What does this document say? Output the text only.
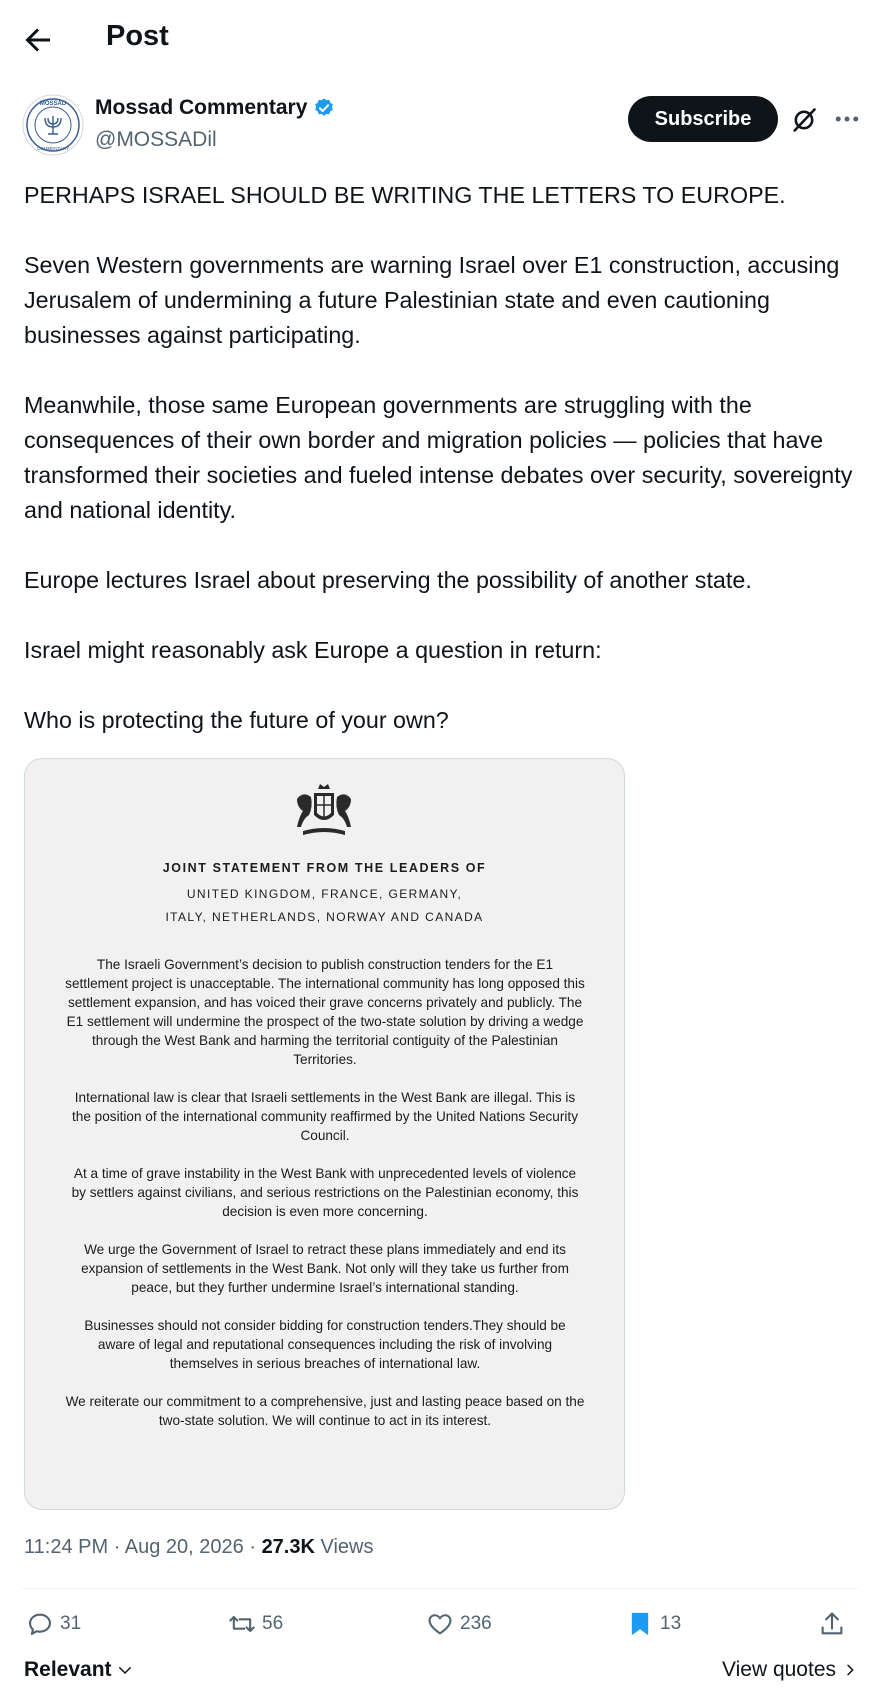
Post
MOSSAD
COMMENTARY
Mossad Commentary
@MOSSADil
Subscribe

PERHAPS ISRAEL SHOULD BE WRITING THE LETTERS TO EUROPE.

Seven Western governments are warning Israel over E1 construction, accusing Jerusalem of undermining a future Palestinian state and even cautioning businesses against participating.

Meanwhile, those same European governments are struggling with the consequences of their own border and migration policies — policies that have transformed their societies and fueled intense debates over security, sovereignty and national identity.

Europe lectures Israel about preserving the possibility of another state.

Israel might reasonably ask Europe a question in return:

Who is protecting the future of your own?

JOINT STATEMENT FROM THE LEADERS OF
UNITED KINGDOM, FRANCE, GERMANY,
ITALY, NETHERLANDS, NORWAY AND CANADA

The Israeli Government’s decision to publish construction tenders for the E1 settlement project is unacceptable. The international community has long opposed this settlement expansion, and has voiced their grave concerns privately and publicly. The E1 settlement will undermine the prospect of the two-state solution by driving a wedge through the West Bank and harming the territorial contiguity of the Palestinian Territories.

International law is clear that Israeli settlements in the West Bank are illegal. This is the position of the international community reaffirmed by the United Nations Security Council.

At a time of grave instability in the West Bank with unprecedented levels of violence by settlers against civilians, and serious restrictions on the Palestinian economy, this decision is even more concerning.

We urge the Government of Israel to retract these plans immediately and end its expansion of settlements in the West Bank. Not only will they take us further from peace, but they further undermine Israel’s international standing.

Businesses should not consider bidding for construction tenders.They should be aware of legal and reputational consequences including the risk of involving themselves in serious breaches of international law.

We reiterate our commitment to a comprehensive, just and lasting peace based on the two-state solution. We will continue to act in its interest.

11:24 PM · Aug 20, 2026 · 27.3K Views
31	56	236	13
Relevant	View quotes
